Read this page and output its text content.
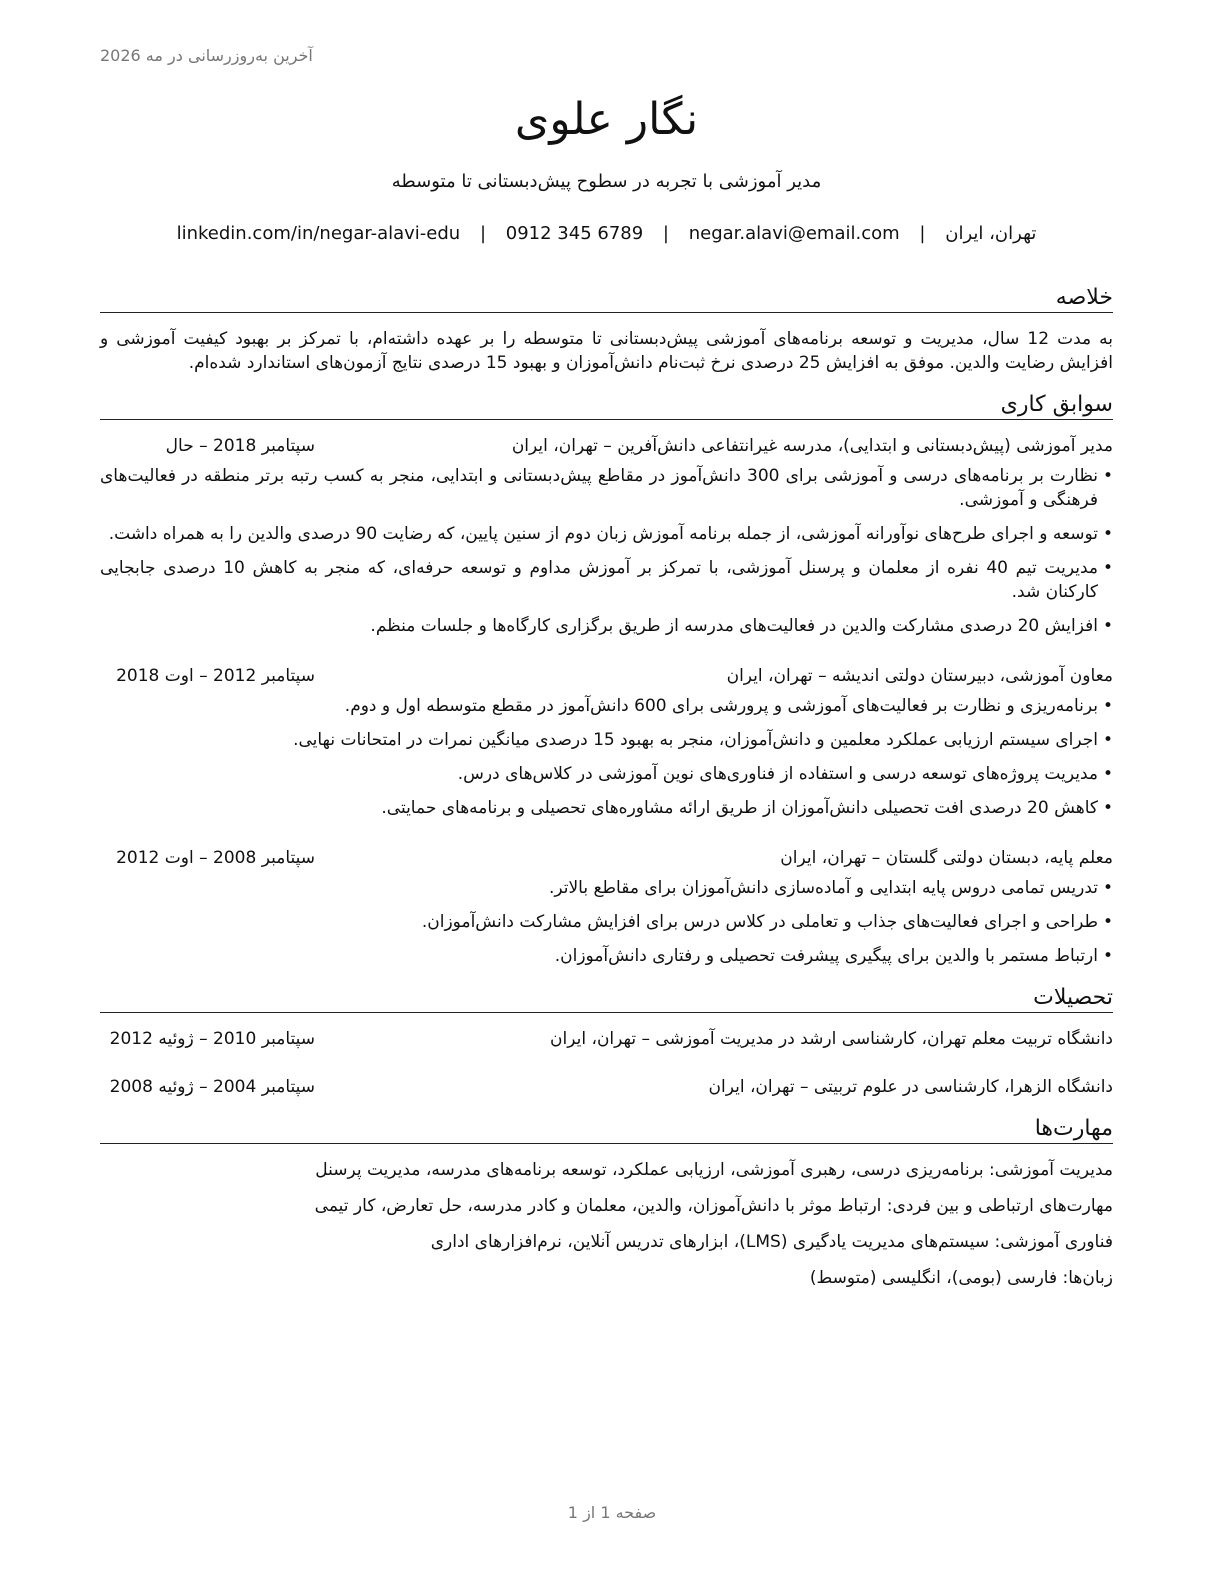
آخرین به‌روزرسانی در مه 2026
نگار علوی
مدیر آموزشی با تجربه در سطوح پیش‌دبستانی تا متوسطه
تهران، ایران | negar.alavi@email.com | 0912 345 6789 | linkedin.com/in/negar-alavi-edu
خلاصه
به مدت 12 سال، مدیریت و توسعه برنامه‌های آموزشی پیش‌دبستانی تا متوسطه را بر عهده داشته‌ام، با تمرکز بر بهبود کیفیت آموزشی و افزایش رضایت والدین. موفق به افزایش 25 درصدی نرخ ثبت‌نام دانش‌آموزان و بهبود 15 درصدی نتایج آزمون‌های استاندارد شده‌ام.
سوابق کاری
مدیر آموزشی (پیش‌دبستانی و ابتدایی)، مدرسه غیرانتفاعی دانش‌آفرین – تهران، ایران
سپتامبر 2018 – حال
• نظارت بر برنامه‌های درسی و آموزشی برای 300 دانش‌آموز در مقاطع پیش‌دبستانی و ابتدایی، منجر به کسب رتبه برتر منطقه در فعالیت‌های فرهنگی و آموزشی.
• توسعه و اجرای طرح‌های نوآورانه آموزشی، از جمله برنامه آموزش زبان دوم از سنین پایین، که رضایت 90 درصدی والدین را به همراه داشت.
• مدیریت تیم 40 نفره از معلمان و پرسنل آموزشی، با تمرکز بر آموزش مداوم و توسعه حرفه‌ای، که منجر به کاهش 10 درصدی جابجایی کارکنان شد.
• افزایش 20 درصدی مشارکت والدین در فعالیت‌های مدرسه از طریق برگزاری کارگاه‌ها و جلسات منظم.
معاون آموزشی، دبیرستان دولتی اندیشه – تهران، ایران
سپتامبر 2012 – اوت 2018
• برنامه‌ریزی و نظارت بر فعالیت‌های آموزشی و پرورشی برای 600 دانش‌آموز در مقطع متوسطه اول و دوم.
• اجرای سیستم ارزیابی عملکرد معلمین و دانش‌آموزان، منجر به بهبود 15 درصدی میانگین نمرات در امتحانات نهایی.
• مدیریت پروژه‌های توسعه درسی و استفاده از فناوری‌های نوین آموزشی در کلاس‌های درس.
• کاهش 20 درصدی افت تحصیلی دانش‌آموزان از طریق ارائه مشاوره‌های تحصیلی و برنامه‌های حمایتی.
معلم پایه، دبستان دولتی گلستان – تهران، ایران
سپتامبر 2008 – اوت 2012
• تدریس تمامی دروس پایه ابتدایی و آماده‌سازی دانش‌آموزان برای مقاطع بالاتر.
• طراحی و اجرای فعالیت‌های جذاب و تعاملی در کلاس درس برای افزایش مشارکت دانش‌آموزان.
• ارتباط مستمر با والدین برای پیگیری پیشرفت تحصیلی و رفتاری دانش‌آموزان.
تحصیلات
دانشگاه تربیت معلم تهران، کارشناسی ارشد در مدیریت آموزشی – تهران، ایران
سپتامبر 2010 – ژوئیه 2012
دانشگاه الزهرا، کارشناسی در علوم تربیتی – تهران، ایران
سپتامبر 2004 – ژوئیه 2008
مهارت‌ها
مدیریت آموزشی: برنامه‌ریزی درسی، رهبری آموزشی، ارزیابی عملکرد، توسعه برنامه‌های مدرسه، مدیریت پرسنل
مهارت‌های ارتباطی و بین فردی: ارتباط موثر با دانش‌آموزان، والدین، معلمان و کادر مدرسه، حل تعارض، کار تیمی
فناوری آموزشی: سیستم‌های مدیریت یادگیری (LMS)، ابزارهای تدریس آنلاین، نرم‌افزارهای اداری
زبان‌ها: فارسی (بومی)، انگلیسی (متوسط)
صفحه 1 از 1
